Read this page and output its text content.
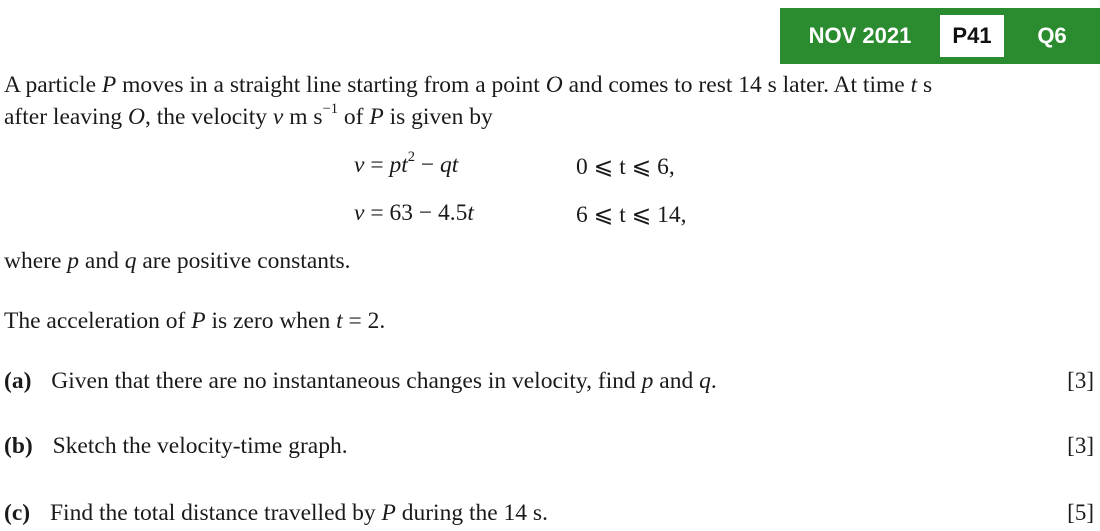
NOV 2021	P41	Q6
A particle P moves in a straight line starting from a point O and comes to rest 14 s later. At time t s
after leaving O, the velocity v m $s^{-1}$ of P is given by
$v = pt^2$ − qt	0 ⩽ t ⩽ 6,
v = 63 − 4.5t	6 ⩽ t ⩽ 14,
where p and q are positive constants.
The acceleration of P is zero when t = 2.
(a) Given that there are no instantaneous changes in velocity, find p and q.	[3]
(b) Sketch the velocity-time graph.	[3]
(c) Find the total distance travelled by P during the 14 s.	[5]
